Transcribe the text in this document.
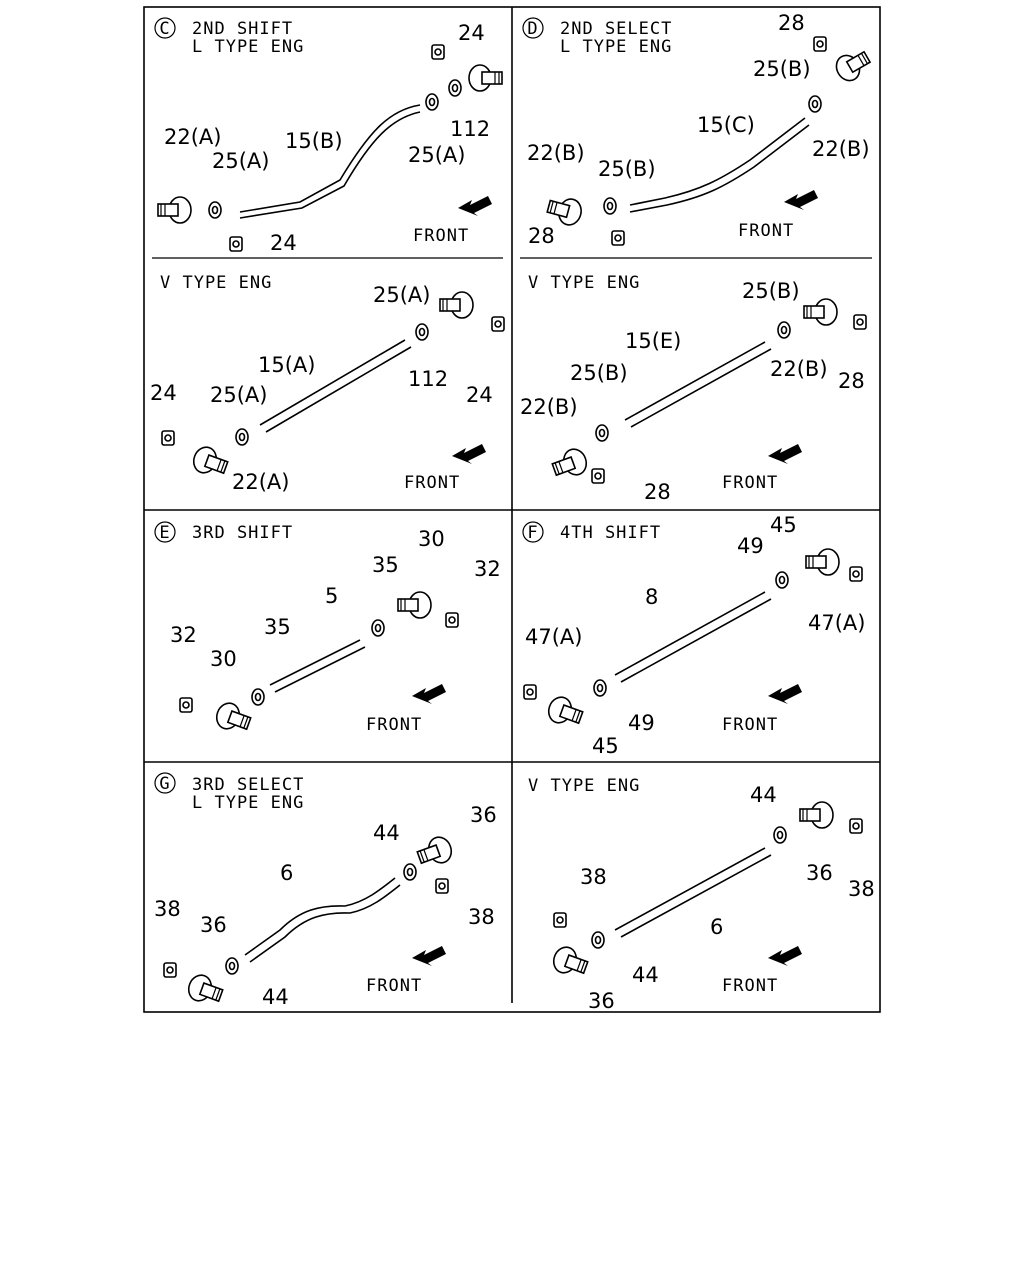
C 2ND SHIFT
L TYPE ENG
24
112
15(B)
25(A)
22(A)
25(A)
24	FRONT
V TYPE ENG	25(A)
15(A)
112
24
24 25(A)
22(A)	FRONT
D 2ND SELECT
L TYPE ENG
28
25(B)
22(B)
15(C)
22(B)
25(B)
28	FRONT
V TYPE ENG	25(B)
15(E)
22(B) 28
25(B)
22(B)
28	FRONT
E 3RD SHIFT	30
32
35
5
35
32
30
FRONT
F 4TH SHIFT	45
49
8
47(A)
47(A)
49
45
FRONT
G 3RD SELECT
L TYPE ENG	36
44
6
38
38
36
44	FRONT
V TYPE ENG	44
36
38
38
6
44
36
FRONT
